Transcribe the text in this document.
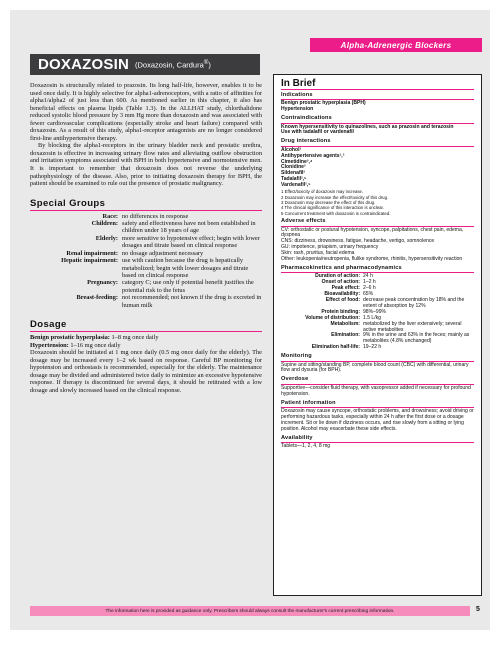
Alpha-Adrenergic Blockers
DOXAZOSIN (Doxazosin, Cardura®)

Doxazosin is structurally related to prazosin. Its long half-life, however, enables it to be used once daily. It is highly selective for alpha1-adrenoceptors, with a ratio of affinities for alpha1/alpha2 of just less than 600. As mentioned earlier in this chapter, it also has beneficial effects on plasma lipids (Table 1.3). In the ALLHAT study, chlorthalidone reduced systolic blood pressure by 3 mm Hg more than doxazosin and was associated with fewer cardiovascular complications (especially stroke and heart failure) compared with doxazosin. As a result of this study, alpha1-receptor antagonists are no longer considered first-line antihypertensive therapy.

By blocking the alpha1-receptors in the urinary bladder neck and prostatic urethra, doxazosin is effective in increasing urinary flow rates and alleviating outflow obstruction and irritation symptoms associated with BPH in both hypertensive and normotensive men. It is important to remember that doxazosin does not reverse the underlying pathophysiology of the disease. Also, prior to initiating doxazosin therapy for BPH, the patient should be examined to rule out the presence of prostatic malignancy.

Special Groups
Race: no differences in response
Children: safety and effectiveness have not been established in children under 18 years of age
Elderly: more sensitive to hypotensive effect; begin with lower dosages and titrate based on clinical response
Renal impairment: no dosage adjustment necessary
Hepatic impairment: use with caution because the drug is hepatically metabolized; begin with lower dosages and titrate based on clinical response
Pregnancy: category C; use only if potential benefit justifies the potential risk to the fetus
Breast-feeding: not recommended; not known if the drug is excreted in human milk
Dosage
Benign prostatic hyperplasia: 1–8 mg once daily
Hypertension: 1–16 mg once daily
Doxazosin should be initiated at 1 mg once daily (0.5 mg once daily for the elderly). The dosage may be increased every 1–2 wk based on response. Careful BP monitoring for hypotension and orthostasis is recommended, especially for the elderly. The maintenance dosage may be divided and administered twice daily to minimize an excessive hypotensive response. If therapy is discontinued for several days, it should be retitrated with a low dosage and slowly increased based on the clinical response.
In Brief
Indications
Benign prostatic hyperplasia (BPH)
Hypertension
Contraindications
Known hypersensitivity to quinazolines, such as prazosin and terazosin
Use with tadalafil or vardenafil
Drug interactions
Alcohol¹
Antihypertensive agents¹,²
Cimetidine³,⁴
Clonidine²
Sildenafil²
Tadalafil²,⁵
Vardenafil²,⁵
1 Effect/toxicity of doxazosin may increase.
2 Doxazosin may increase the effect/toxicity of this drug.
3 Doxazosin may decrease the effect of this drug.
4 The clinical significance of this interaction is unclear.
5 Concurrent treatment with doxazosin is contraindicated.
Adverse effects
CV: orthostatic or postural hypotension, syncope, palpitations, chest pain, edema, dyspnea
CNS: dizziness, drowsiness, fatigue, headache, vertigo, somnolence
GU: impotence, priapism, urinary frequency
Skin: rash, pruritus, facial edema
Other: leukopenia/neutropenia, flulike syndrome, rhinitis, hypersensitivity reaction
Pharmacokinetics and pharmacodynamics
Duration of action: 24 h
Onset of action: 1–2 h
Peak effect: 2–6 h
Bioavailability: 65%
Effect of food: decrease peak concentration by 18% and the extent of absorption by 12%
Protein binding: 98%–99%
Volume of distribution: 1.5 L/kg
Metabolism: metabolized by the liver extensively; several active metabolites
Elimination: 9% in the urine and 63% in the feces; mainly as metabolites (4.8% unchanged)
Elimination half-life: 19–22 h
Monitoring
Supine and sitting/standing BP, complete blood count (CBC) with differential, urinary flow and dysuria (for BPH).
Overdose
Supportive—consider fluid therapy, with vasopressor added if necessary for profound hypotension.
Patient information
Doxazosin may cause syncope, orthostatic problems, and drowsiness; avoid driving or performing hazardous tasks, especially within 24 h after the first dose or a dosage increment. Sit or lie down if dizziness occurs, and rise slowly from a sitting or lying position. Alcohol may exacerbate these side effects.
Availability
Tablets—1, 2, 4, 8 mg
The information here is provided as guidance only. Prescribers should always consult the manufacturer's current prescribing information.	5
